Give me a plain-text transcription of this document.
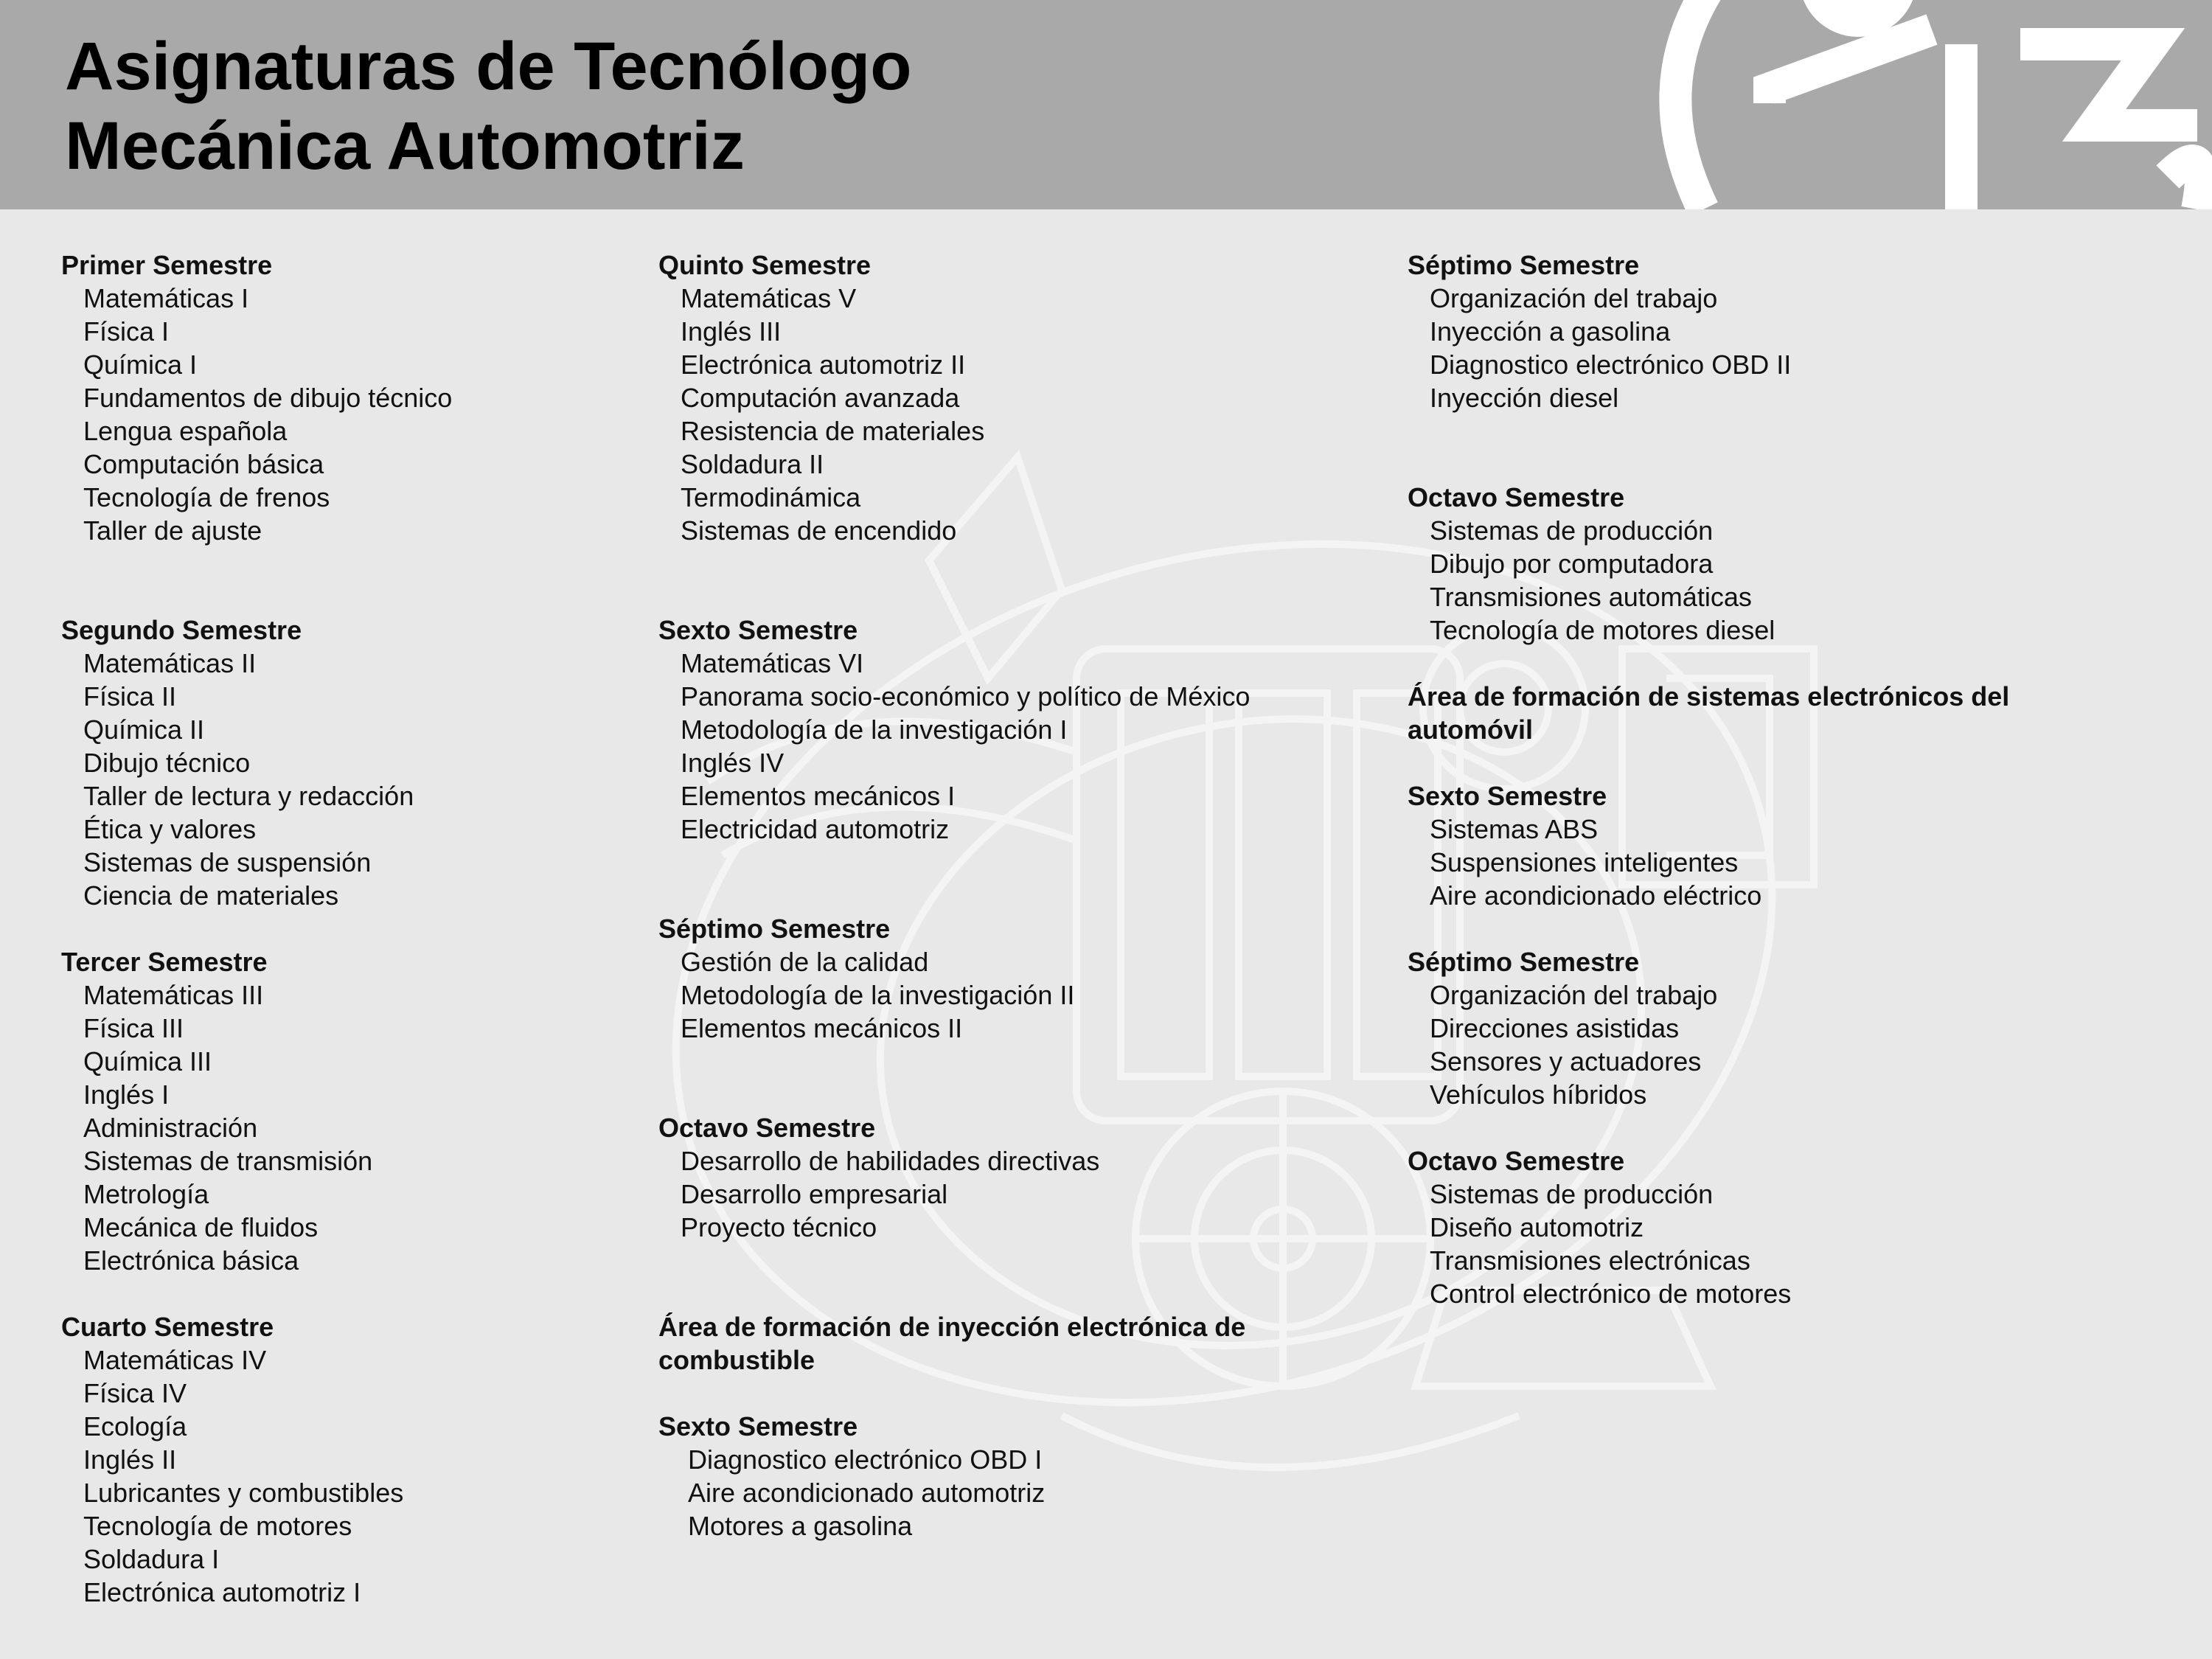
Asignaturas de Tecnólogo
Mecánica Automotriz
Primer Semestre
Matemáticas I
Física I
Química I
Fundamentos de dibujo técnico
Lengua española
Computación básica
Tecnología de frenos
Taller de ajuste
Segundo Semestre
Matemáticas II
Física II
Química II
Dibujo técnico
Taller de lectura y redacción
Ética y valores
Sistemas de suspensión
Ciencia de materiales
Tercer Semestre
Matemáticas III
Física III
Química III
Inglés I
Administración
Sistemas de transmisión
Metrología
Mecánica de fluidos
Electrónica básica
Cuarto Semestre
Matemáticas IV
Física IV
Ecología
Inglés II
Lubricantes y combustibles
Tecnología de motores
Soldadura I
Electrónica automotriz I
Quinto Semestre
Matemáticas V
Inglés III
Electrónica automotriz II
Computación avanzada
Resistencia de materiales
Soldadura II
Termodinámica
Sistemas de encendido
Sexto Semestre
Matemáticas VI
Panorama socio-económico y político de México
Metodología de la investigación I
Inglés IV
Elementos mecánicos I
Electricidad automotriz
Séptimo Semestre
Gestión de la calidad
Metodología de la investigación II
Elementos mecánicos II
Octavo Semestre
Desarrollo de habilidades directivas
Desarrollo empresarial
Proyecto técnico
Área de formación de inyección electrónica de combustible
Sexto Semestre
Diagnostico electrónico OBD I
Aire acondicionado automotriz
Motores a gasolina
Séptimo Semestre
Organización del trabajo
Inyección a gasolina
Diagnostico electrónico OBD II
Inyección diesel
Octavo Semestre
Sistemas de producción
Dibujo por computadora
Transmisiones automáticas
Tecnología de motores diesel
Área de formación de sistemas electrónicos del automóvil
Sexto Semestre
Sistemas ABS
Suspensiones inteligentes
Aire acondicionado eléctrico
Séptimo Semestre
Organización del trabajo
Direcciones asistidas
Sensores y actuadores
Vehículos híbridos
Octavo Semestre
Sistemas de producción
Diseño automotriz
Transmisiones electrónicas
Control electrónico de motores
